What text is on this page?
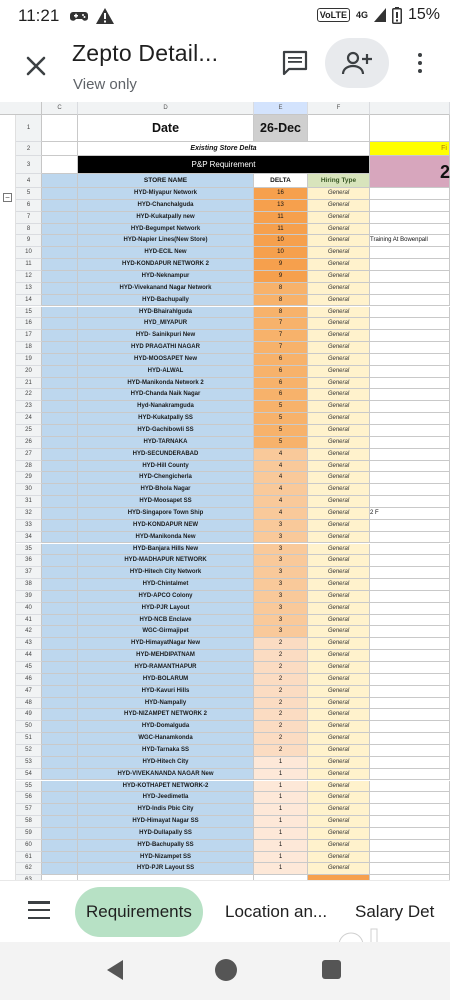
11:21	VoLTE	4G	15%
Zepto Detail...
View only
C	D	E	F
−
1
2
3
4
5
6
7
8
9
10
11
12
13
14
15
16
17
18
19
20
21
22
23
24
25
26
27
28
29
30
31
32
33
34
35
36
37
38
39
40
41
42
43
44
45
46
47
48
49
50
51
52
53
54
55
56
57
58
59
60
61
62
Date	26-Dec
Existing Store Delta	Fi
P&P Requirement	2
STORE NAME	DELTA	Hiring Type
HYD-Miyapur Network	16	General
HYD-Chanchalguda	13	General
HYD-Kukatpally new	11	General
HYD-Begumpet Network	11	General
HYD-Napier Lines(New Store)	10	General	Training At Bowenpall
HYD-ECIL New	10	General
HYD-KONDAPUR NETWORK 2	9	General
HYD-Neknampur	9	General
HYD-Vivekanand Nagar Network	8	General
HYD-Bachupally	8	General
HYD-Bhairahlguda	8	General
HYD_MIYAPUR	7	General
HYD- Sainikpuri New	7	General
HYD PRAGATHI NAGAR	7	General
HYD-MOOSAPET New	6	General
HYD-ALWAL	6	General
HYD-Manikonda Network 2	6	General
HYD-Chanda Naik Nagar	6	General
Hyd-Nanakramguda	5	General
HYD-Kukatpally SS	5	General
HYD-Gachibowli SS	5	General
HYD-TARNAKA	5	General
HYD-SECUNDERABAD	4	General
HYD-Hill County	4	General
HYD-Chengicherla	4	General
HYD-Bhola Nagar	4	General
HYD-Moosapet SS	4	General
HYD-Singapore Town Ship	4	General	2 F
HYD-KONDAPUR NEW	3	General
HYD-Manikonda New	3	General
HYD-Banjara Hills New	3	General
HYD-MADHAPUR NETWORK	3	General
HYD-Hitech City Network	3	General
HYD-Chintalmet	3	General
HYD-APCO Colony	3	General
HYD-PJR Layout	3	General
HYD-NCB Enclave	3	General
WGC-Girmajipet	3	General
HYD-HimayatNagar New	2	General
HYD-MEHDIPATNAM	2	General
HYD-RAMANTHAPUR	2	General
HYD-BOLARUM	2	General
HYD-Kavuri Hills	2	General
HYD-Nampally	2	General
HYD-NIZAMPET NETWORK 2	2	General
HYD-Domalguda	2	General
WGC-Hanamkonda	2	General
HYD-Tarnaka SS	2	General
HYD-Hitech City	1	General
HYD-VIVEKANANDA NAGAR New	1	General
HYD-KOTHAPET NETWORK-2	1	General
HYD-Jeedimetla	1	General
HYD-Indis Pbic City	1	General
HYD-Himayat Nagar SS	1	General
HYD-Dullapally SS	1	General
HYD-Bachupally SS	1	General
HYD-Nizampet SS	1	General
HYD-PJR Layout SS	1	General
Requirements	Location an... Salary Det
